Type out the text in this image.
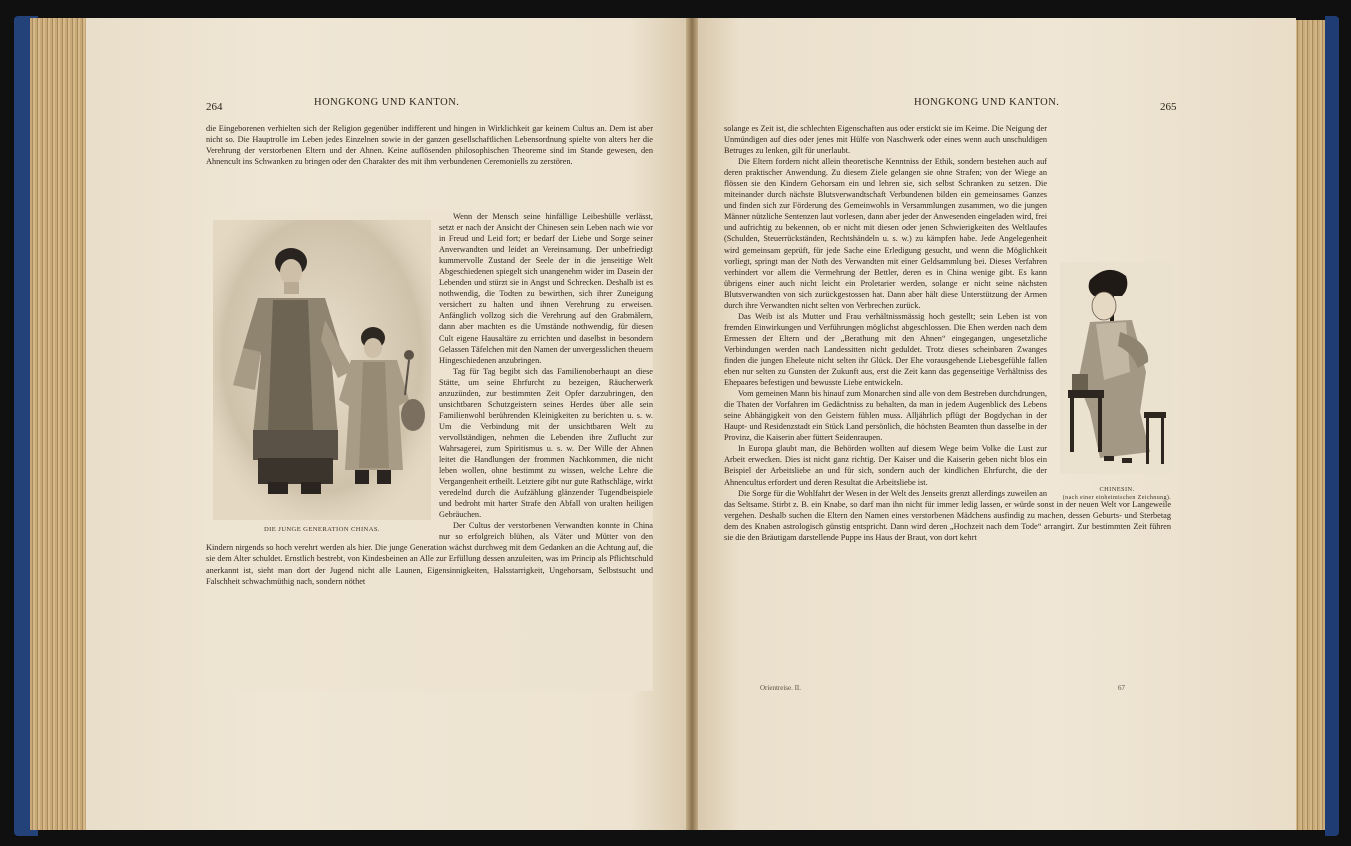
264	HONGKONG UND KANTON.

die Eingeborenen verhielten sich der Religion gegenüber indifferent und hingen in Wirklichkeit gar keinem Cultus an. Dem ist aber nicht so. Die Hauptrolle im Leben jedes Einzelnen sowie in der ganzen gesellschaftlichen Lebensordnung spielte von alters her die Verehrung der verstorbenen Eltern und der Ahnen. Keine auflösenden philosophischen Theoreme sind im Stande gewesen, den Ahnencult ins Schwanken zu bringen oder den Charakter des mit ihm verbundenen Ceremoniells zu zerstören.

Wenn der Mensch seine hinfällige Leibeshülle verlässt, setzt er nach der Ansicht der Chinesen sein Leben nach wie vor in Freud und Leid fort; er bedarf der Liebe und Sorge seiner Anverwandten und leidet an Vereinsamung. Der unbefriedigt kummervolle Zustand der Seele der in die jenseitige Welt Abgeschiedenen spiegelt sich unangenehm wider im Dasein der Lebenden und stürzt sie in Angst und Schrecken. Deshalb ist es nothwendig, die Todten zu bewirthen, sich ihrer Zuneigung versichert zu halten und ihnen Verehrung zu erweisen. Anfänglich vollzog sich die Verehrung auf den Grabmälern, dann aber machten es die Umstände nothwendig, für diesen Cult eigene Hausaltäre zu errichten und daselbst in besondern Gelassen Täfelchen mit den Namen der unvergesslichen theuern Hingeschiedenen anzubringen.

Tag für Tag begibt sich das Familienoberhaupt an diese Stätte, um seine Ehrfurcht zu bezeigen, Räucherwerk anzuzünden, zur bestimmten Zeit Opfer darzubringen, den unsichtbaren Schutzgeistern seines Herdes über alle sein Familienwohl berührenden Kleinigkeiten zu berichten u. s. w. Um die Verbindung mit der unsichtbaren Welt zu vervollständigen, nehmen die Lebenden ihre Zuflucht zur Wahrsagerei, zum Spiritismus u. s. w. Der Wille der Ahnen leitet die Handlungen der frommen Nachkommen, die nicht leben wollen, ohne bestimmt zu wissen, welche Lehre die Vergangenheit ertheilt. Letztere gibt nur gute Rathschläge, wirkt veredelnd durch die Aufzählung glänzender Tugendbeispiele und bedroht mit harter Strafe den Abfall von uralten heiligen Gebräuchen.

Der Cultus der verstorbenen Verwandten konnte in China nur so erfolgreich blühen, als Väter und Mütter von den Kindern nirgends so hoch verehrt werden als hier. Die junge Generation wächst durchweg mit dem Gedanken an die Achtung auf, die sie dem Alter schuldet. Ernstlich bestrebt, von Kindesbeinen an Alle zur Erfüllung dessen anzuleiten, was im Princip als Pflichtschuld anerkannt ist, sieht man dort der Jugend nicht alle Launen, Eigensinnigkeiten, Halsstarrigkeit, Ungehorsam, Selbstsucht und Falschheit schwachmüthig nach, sondern nöthet

DIE JUNGE GENERATION CHINAS.
HONGKONG UND KANTON.	265

solange es Zeit ist, die schlechten Eigenschaften aus oder erstickt sie im Keime. Die Neigung der Unmündigen auf dies oder jenes mit Hülfe von Naschwerk oder eines wenn auch unschuldigen Betruges zu lenken, gilt für unerlaubt.

Die Eltern fordern nicht allein theoretische Kenntniss der Ethik, sondern bestehen auch auf deren praktischer Anwendung. Zu diesem Ziele gelangen sie ohne Strafen; von der Wiege an flössen sie den Kindern Gehorsam ein und lehren sie, sich selbst Schranken zu setzen. Die miteinander durch nächste Blutsverwandtschaft Verbundenen bilden ein gemeinsames Ganzes und finden sich zur Förderung des Gemeinwohls in Versammlungen zusammen, wo die jungen Männer nützliche Sentenzen laut vorlesen, dann aber jeder der Anwesenden eingeladen wird, frei und aufrichtig zu bekennen, ob er nicht mit diesen oder jenen Schwierigkeiten des Weltlaufes (Schulden, Steuerrückständen, Rechtshändeln u. s. w.) zu kämpfen habe. Jede Angelegenheit wird gemeinsam geprüft, für jede Sache eine Erledigung gesucht, und wenn die Möglichkeit vorliegt, springt man der Noth des Verwandten mit einer Geldsammlung bei. Dieses Verfahren verhindert vor allem die Vermehrung der Bettler, deren es in China wenige gibt. Es kann übrigens einer auch nicht leicht ein Proletarier werden, solange er nicht seine nächsten Blutsverwandten von sich zurückgestossen hat. Dann aber hält diese Unterstützung der Armen durch ihre Verwandten nicht selten von Verbrechen zurück.

Das Weib ist als Mutter und Frau verhältnissmässig hoch gestellt; sein Leben ist von fremden Einwirkungen und Verführungen möglichst abgeschlossen. Die Ehen werden nach dem Ermessen der Eltern und der „Berathung mit den Ahnen“ eingegangen, ungesetzliche Verbindungen werden nach Landessitten nicht geduldet. Trotz dieses scheinbaren Zwanges finden die jungen Eheleute nicht selten ihr Glück. Der Ehe vorausgehende Liebesgefühle fallen eben nur selten zu Gunsten der Zukunft aus, erst die Zeit kann das gegenseitige Verhältniss des Ehepaares befestigen und bewusste Liebe entwickeln.

Vom gemeinen Mann bis hinauf zum Monarchen sind alle von dem Bestreben durchdrungen, die Thaten der Vorfahren im Gedächtniss zu behalten, da man in jedem Augenblick des Lebens seine Abhängigkeit von den Geistern fühlen muss. Alljährlich pflügt der Bogdychan in der Haupt- und Residenzstadt ein Stück Land persönlich, die höchsten Beamten thun dasselbe in der Provinz, die Kaiserin aber füttert Seidenraupen.

In Europa glaubt man, die Behörden wollten auf diesem Wege beim Volke die Lust zur Arbeit erwecken. Dies ist nicht ganz richtig. Der Kaiser und die Kaiserin geben nicht blos ein Beispiel der Arbeitsliebe an und für sich, sondern auch der kindlichen Ehrfurcht, die der Ahnencultus erfordert und deren Resultat die Arbeitsliebe ist.

Die Sorge für die Wohlfahrt der Wesen in der Welt des Jenseits grenzt allerdings zuweilen an das Seltsame. Stirbt z. B. ein Knabe, so darf man ihn nicht für immer ledig lassen, er würde sonst in der neuen Welt vor Langeweile vergehen. Deshalb suchen die Eltern den Namen eines verstorbenen Mädchens ausfindig zu machen, dessen Geburts- und Sterbetag dem des Knaben astrologisch günstig entspricht. Dann wird deren „Hochzeit nach dem Tode“ arrangirt. Zur bestimmten Zeit führen sie die den Bräutigam darstellende Puppe ins Haus der Braut, von dort kehrt

CHINESIN.
(nach einer einheimischen Zeichnung).
Orientreise. II.	67
